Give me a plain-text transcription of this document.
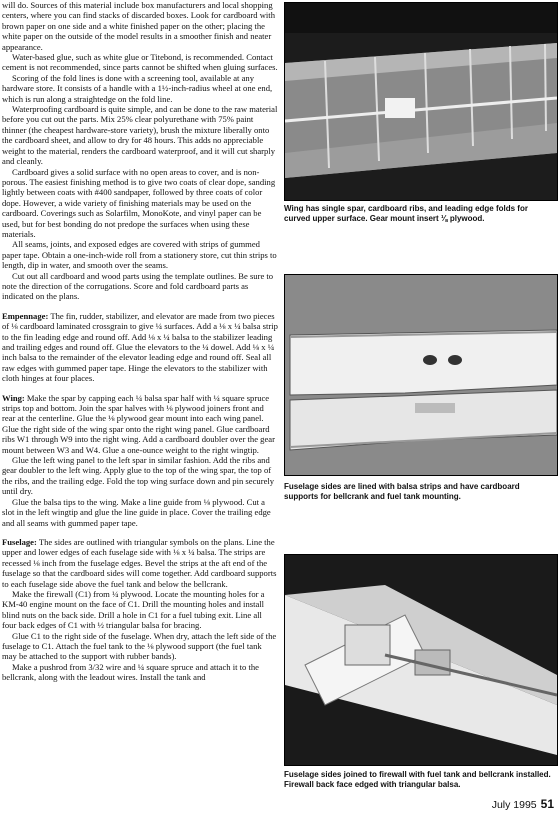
will do. Sources of this material include box manufacturers and local shopping centers, where you can find stacks of discarded boxes. Look for cardboard with brown paper on one side and a white finished paper on the other; placing the white paper on the outside of the model results in a smoother finish and neater appearance.

Water-based glue, such as white glue or Titebond, is recommended. Contact cement is not recommended, since parts cannot be shifted when gluing surfaces.

Scoring of the fold lines is done with a screening tool, available at any hardware store. It consists of a handle with a 1½-inch-radius wheel at one end, which is run along a straightedge on the fold line.

Waterproofing cardboard is quite simple, and can be done to the raw material before you cut out the parts. Mix 25% clear polyurethane with 75% paint thinner (the cheapest hardware-store variety), brush the mixture liberally onto the cardboard sheet, and allow to dry for 48 hours. This adds no appreciable weight to the material, renders the cardboard waterproof, and it will cut sharply and cleanly.

Cardboard gives a solid surface with no open areas to cover, and is non-porous. The easiest finishing method is to give two coats of clear dope, sanding lightly between coats with #400 sandpaper, followed by three coats of color dope. However, a wide variety of finishing materials may be used on the cardboard. Coverings such as Solarfilm, MonoKote, and vinyl paper can be used, but for best bonding do not predope the surfaces when using these materials.

All seams, joints, and exposed edges are covered with strips of gummed paper tape. Obtain a one-inch-wide roll from a stationery store, cut thin strips to length, dip in water, and smooth over the seams.

Cut out all cardboard and wood parts using the template outlines. Be sure to note the direction of the corrugations. Score and fold cardboard parts as indicated on the plans.

Empennage: The fin, rudder, stabilizer, and elevator are made from two pieces of ⅛ cardboard laminated crossgrain to give ¼ surfaces. Add a ⅛ x ¼ balsa strip to the fin leading edge and round off. Add ⅛ x ¼ balsa to the stabilizer leading and trailing edges and round off. Glue the elevators to the ¼ dowel. Add ⅛ x ¼ inch balsa to the remainder of the elevator leading edge and round off. Seal all raw edges with gummed paper tape. Hinge the elevators to the stabilizer with cloth hinges at four places.

Wing: Make the spar by capping each ¼ balsa spar half with ¼ square spruce strips top and bottom. Join the spar halves with ⅛ plywood joiners front and rear at the centerline. Glue the ⅛ plywood gear mount into each wing panel. Glue the right side of the wing spar onto the right wing panel. Glue cardboard ribs W1 through W9 into the right wing. Add a cardboard doubler over the gear mount between W3 and W4. Glue a one-ounce weight to the right wingtip.

Glue the left wing panel to the left spar in similar fashion. Add the ribs and gear doubler to the left wing. Apply glue to the top of the wing spar, the top of the ribs, and the trailing edge. Fold the top wing surface down and pin securely until dry.

Glue the balsa tips to the wing. Make a line guide from ⅛ plywood. Cut a slot in the left wingtip and glue the line guide in place. Cover the trailing edge and all seams with gummed paper tape.

Fuselage: The sides are outlined with triangular symbols on the plans. Line the upper and lower edges of each fuselage side with ⅛ x ¼ balsa. The strips are recessed ⅛ inch from the fuselage edges. Bevel the strips at the aft end of the fuselage so that the cardboard sides will come together. Add cardboard supports to each fuselage side above the fuel tank and below the bellcrank.

Make the firewall (C1) from ¼ plywood. Locate the mounting holes for a KM-40 engine mount on the face of C1. Drill the mounting holes and install blind nuts on the back side. Drill a hole in C1 for a fuel tubing exit. Line all four back edges of C1 with ½ triangular balsa for bracing.

Glue C1 to the right side of the fuselage. When dry, attach the left side of the fuselage to C1. Attach the fuel tank to the ⅛ plywood support (the fuel tank may be attached to the support with rubber bands).

Make a pushrod from 3/32 wire and ¼ square spruce and attach it to the bellcrank, along with the leadout wires. Install the tank and

Wing has single spar, cardboard ribs, and leading edge folds for curved upper surface. Gear mount insert ⅛ plywood.

Fuselage sides are lined with balsa strips and have cardboard supports for bellcrank and fuel tank mounting.

Fuselage sides joined to firewall with fuel tank and bellcrank installed. Firewall back face edged with triangular balsa.

July 1995 51
